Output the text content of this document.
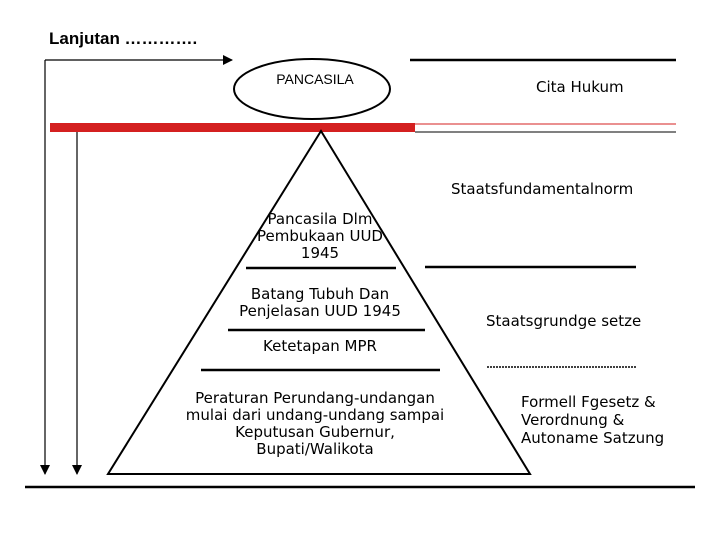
Lanjutan ………….
PANCASILA	Cita Hukum
Staatsfundamentalnorm
Pancasila Dlm
Pembukaan UUD
1945
Batang Tubuh Dan
Penjelasan UUD 1945
Ketetapan MPR
Peraturan Perundang-undangan
mulai dari undang-undang sampai
Keputusan Gubernur,
Bupati/Walikota
Staatsgrundge setze
Formell Fgesetz &
Verordnung &
Autoname Satzung
